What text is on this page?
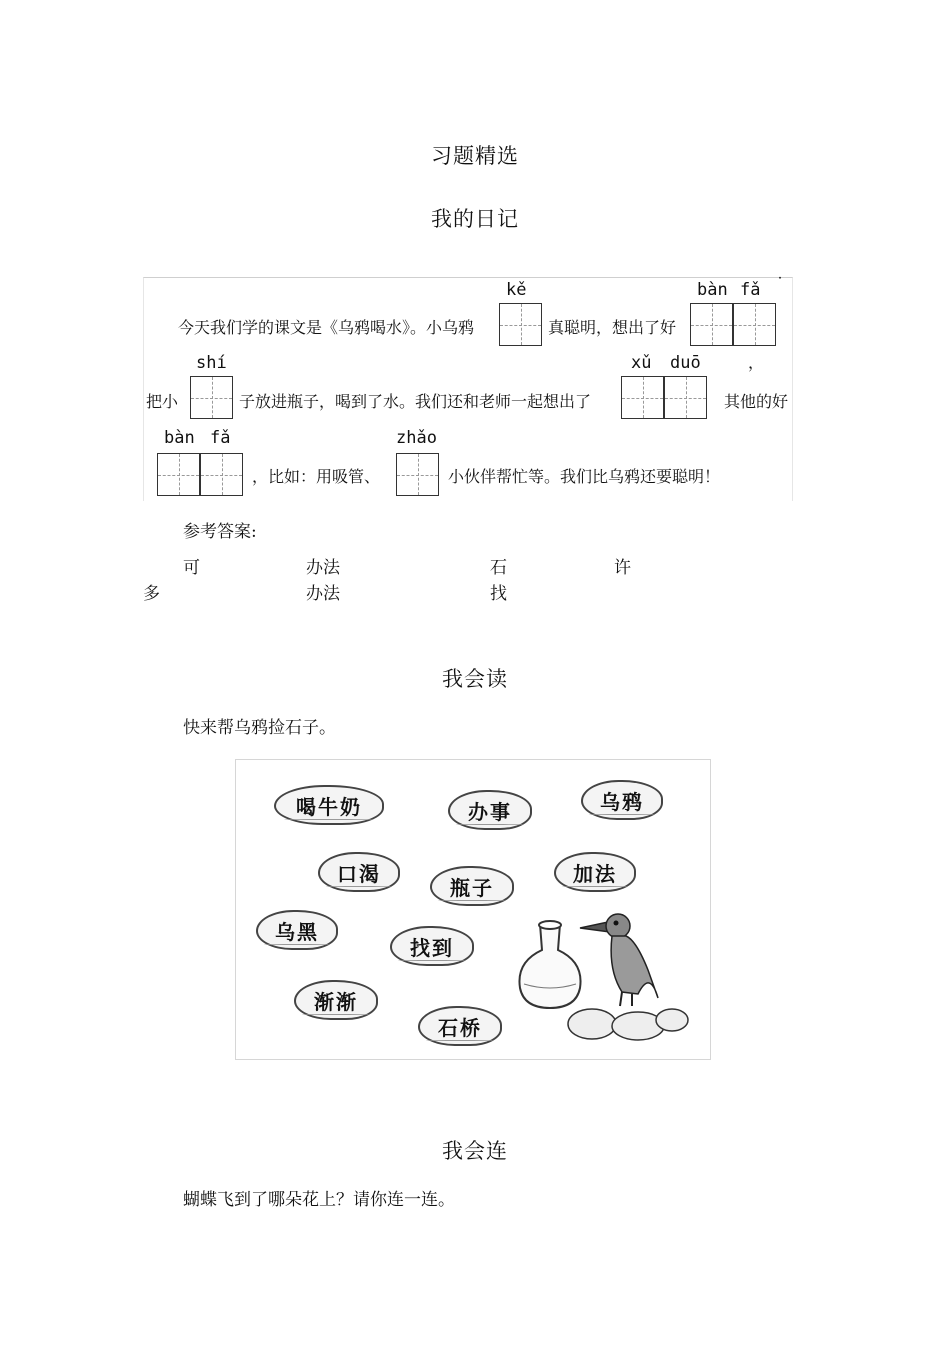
习题精选
我的日记
kě	bàn fǎ ˙
今天我们学的课文是《乌鸦喝水》。小乌鸦	真聪明，想出了好
shí	xǔ duō	，
把小	子放进瓶子，喝到了水。我们还和老师一起想出了	其他的好
bàn fǎ	zhǎo
，比如：用吸管、	小伙伴帮忙等。我们比乌鸦还要聪明！
参考答案:
可	办法	石	许
多	办法	找
我会读
快来帮乌鸦捡石子。
喝牛奶	办事	乌鸦
口渴
瓶子
加法
乌黑
找到
渐渐
石桥
我会连
蝴蝶飞到了哪朵花上？请你连一连。
